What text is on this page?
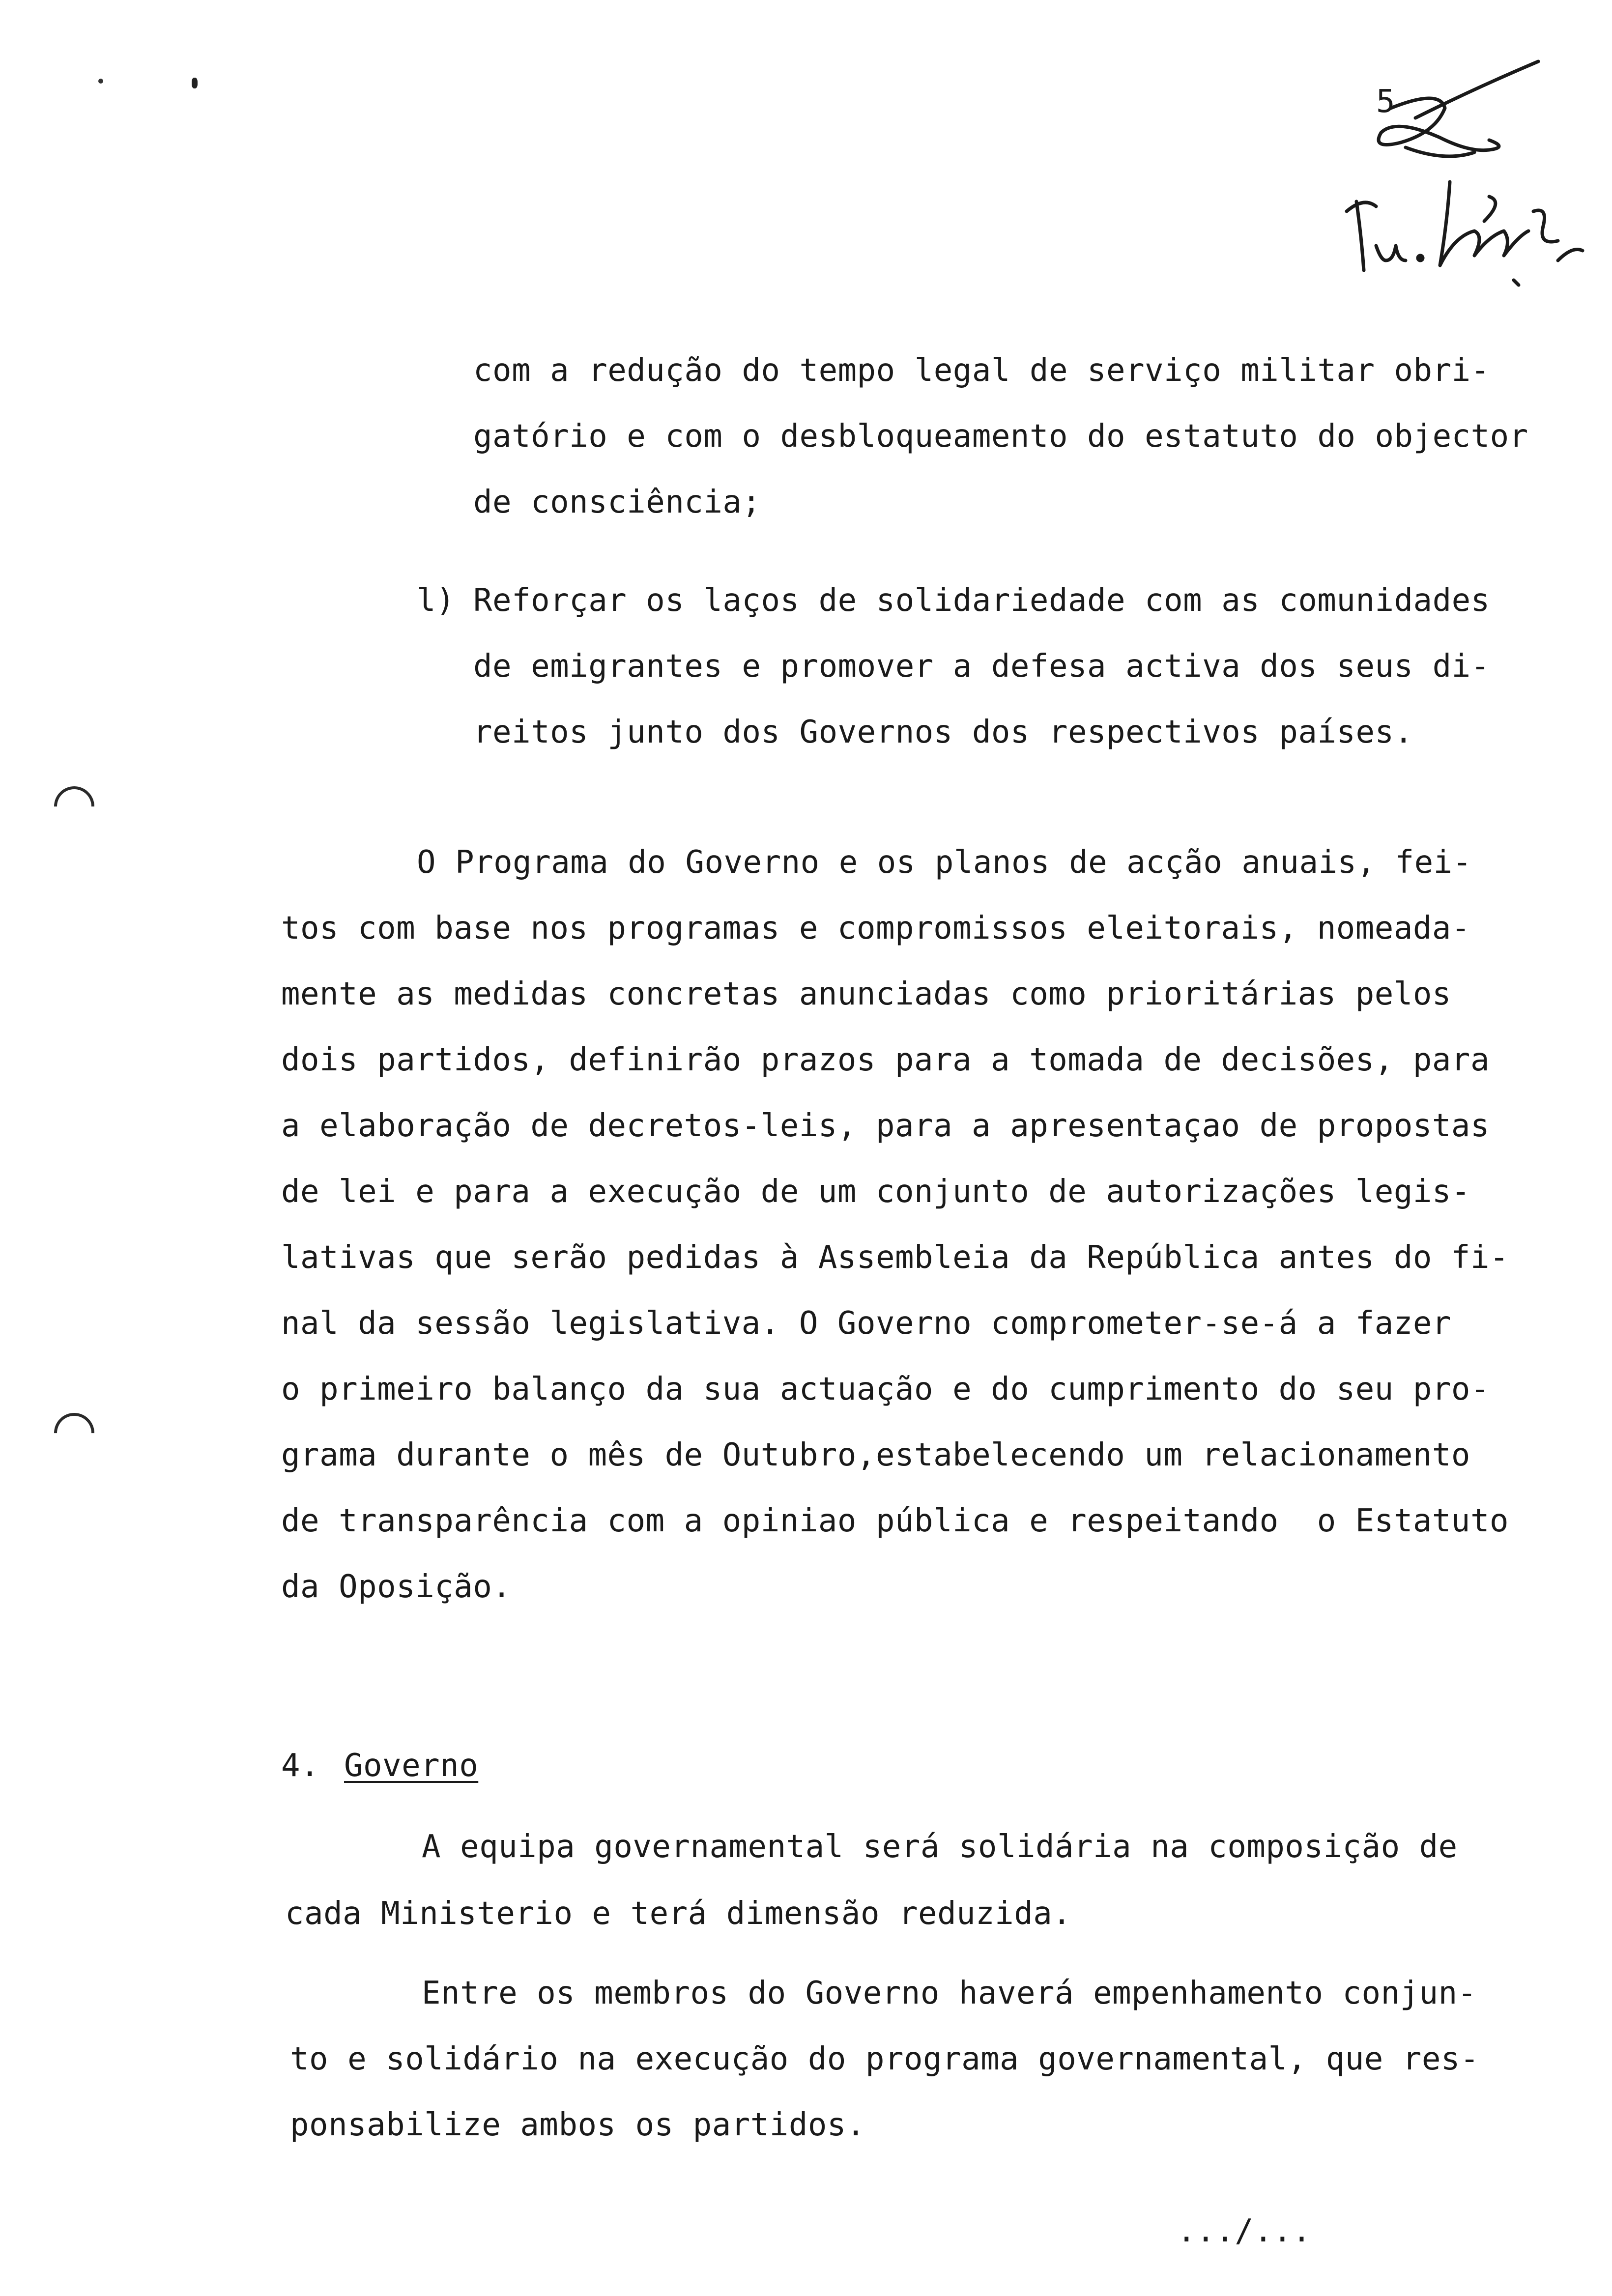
5
com a redução do tempo legal de serviço militar obri-
gatório e com o desbloqueamento do estatuto do objector
de consciência;
l) Reforçar os laços de solidariedade com as comunidades
de emigrantes e promover a defesa activa dos seus di-
reitos junto dos Governos dos respectivos países.
O Programa do Governo e os planos de acção anuais, fei-
tos com base nos programas e compromissos eleitorais, nomeada-
mente as medidas concretas anunciadas como prioritárias pelos
dois partidos, definirão prazos para a tomada de decisões, para
a elaboração de decretos-leis, para a apresentaçao de propostas
de lei e para a execução de um conjunto de autorizações legis-
lativas que serão pedidas à Assembleia da República antes do fi-
nal da sessão legislativa. O Governo comprometer-se-á a fazer
o primeiro balanço da sua actuação e do cumprimento do seu pro-
grama durante o mês de Outubro,estabelecendo um relacionamento
de transparência com a opiniao pública e respeitando  o Estatuto
da Oposição.
4. Governo
A equipa governamental será solidária na composição de
cada Ministerio e terá dimensão reduzida.
Entre os membros do Governo haverá empenhamento conjun-
to e solidário na execução do programa governamental, que res-
ponsabilize ambos os partidos.
.../...
